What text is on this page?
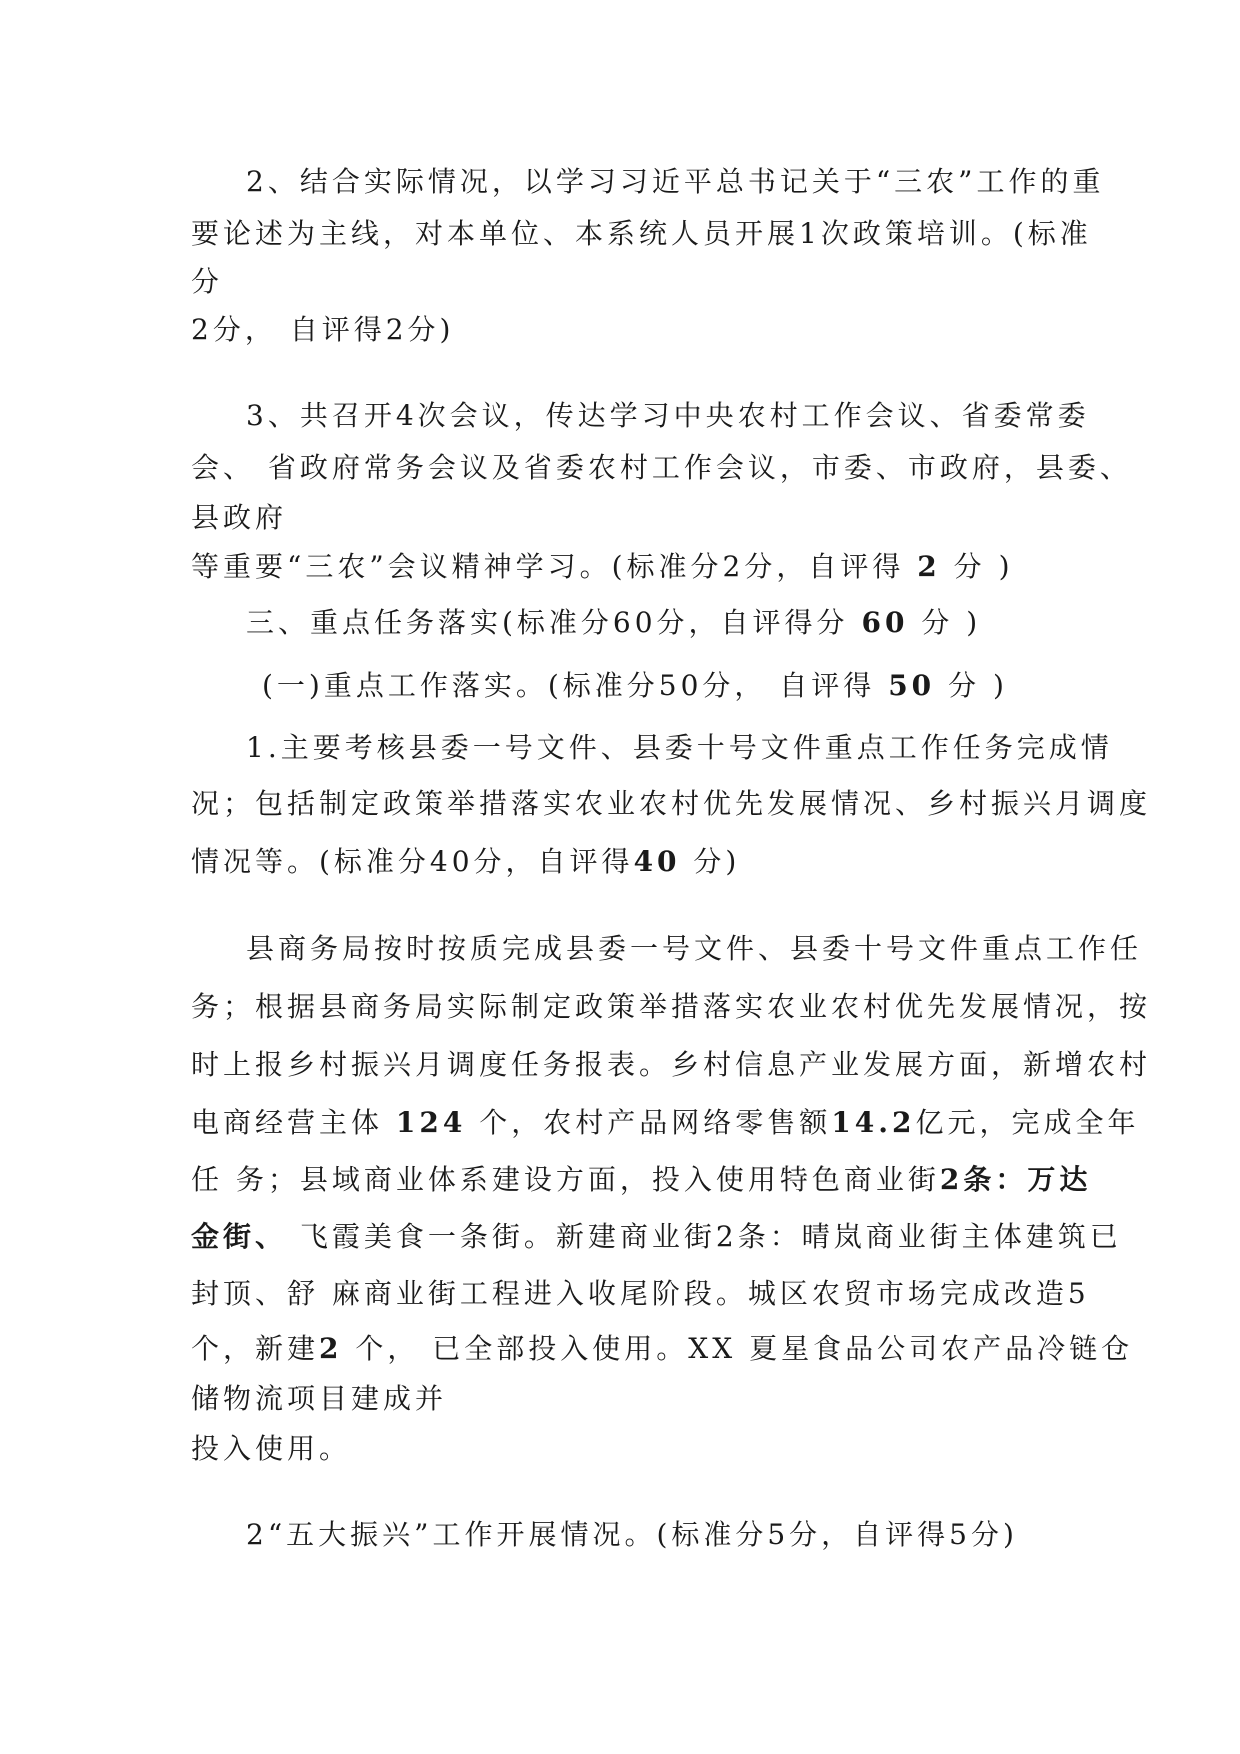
2、结合实际情况，以学习习近平总书记关于“三农”工作的重
要论述为主线，对本单位、本系统人员开展1次政策培训。(标准
分
2分， 自评得2分)
3、共召开4次会议，传达学习中央农村工作会议、省委常委
会、 省政府常务会议及省委农村工作会议，市委、市政府，县委、
县政府
等重要“三农”会议精神学习。(标准分2分，自评得 2 分 )
三、重点任务落实(标准分60分，自评得分 60 分 )
(一)重点工作落实。(标准分50分， 自评得 50 分 )
1.主要考核县委一号文件、县委十号文件重点工作任务完成情
况；包括制定政策举措落实农业农村优先发展情况、乡村振兴月调度
情况等。(标准分40分，自评得40 分)
县商务局按时按质完成县委一号文件、县委十号文件重点工作任
务；根据县商务局实际制定政策举措落实农业农村优先发展情况，按
时上报乡村振兴月调度任务报表。乡村信息产业发展方面，新增农村
电商经营主体 124 个，农村产品网络零售额14.2亿元，完成全年
任 务；县域商业体系建设方面，投入使用特色商业街2条：万达
金街、 飞霞美食一条街。新建商业街2条：晴岚商业街主体建筑已
封顶、舒 麻商业街工程进入收尾阶段。城区农贸市场完成改造5
个，新建2 个， 已全部投入使用。XX 夏星食品公司农产品冷链仓
储物流项目建成并
投入使用。
2“五大振兴”工作开展情况。(标准分5分，自评得5分)
